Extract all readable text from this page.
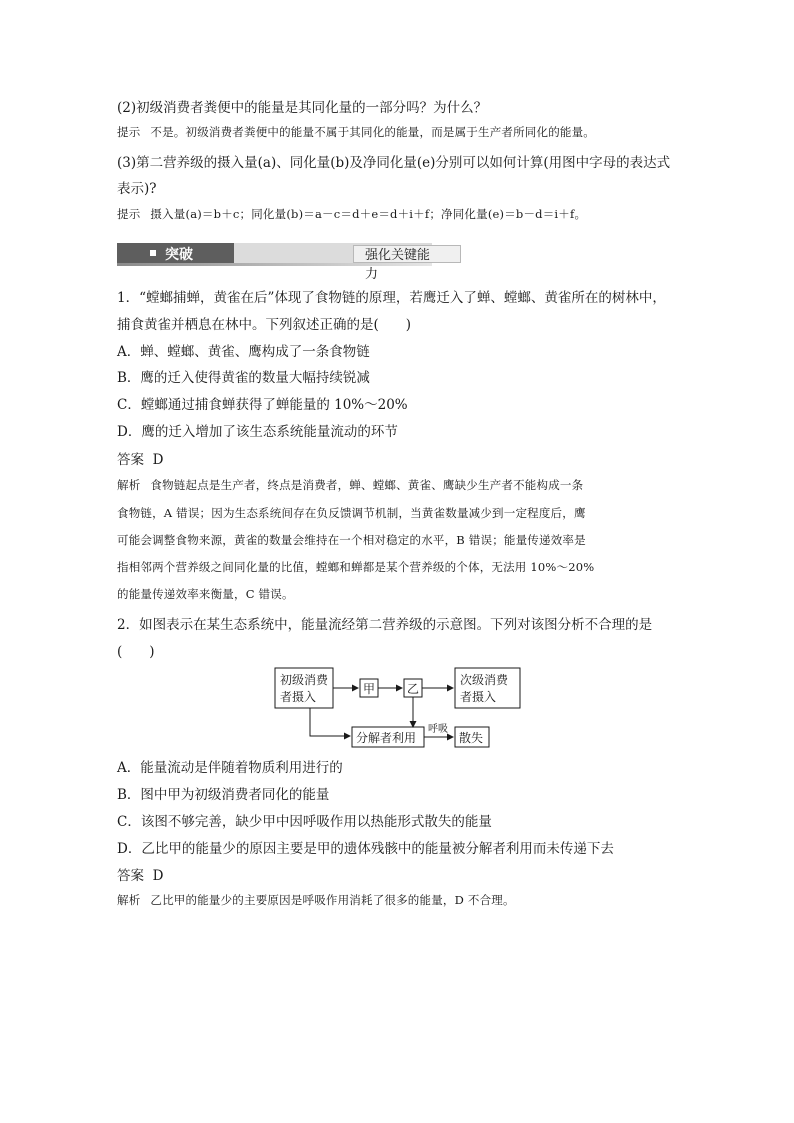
(2)初级消费者粪便中的能量是其同化量的一部分吗？为什么？
提示 不是。初级消费者粪便中的能量不属于其同化的能量，而是属于生产者所同化的能量。
(3)第二营养级的摄入量(a)、同化量(b)及净同化量(e)分别可以如何计算(用图中字母的表达式
表示)?
提示 摄入量(a)＝b＋c；同化量(b)＝a－c＝d＋e＝d＋i＋f；净同化量(e)＝b－d＝i＋f。
突破	强化关键能力
1．“螳螂捕蝉，黄雀在后”体现了食物链的原理，若鹰迁入了蝉、螳螂、黄雀所在的树林中，
捕食黄雀并栖息在林中。下列叙述正确的是(　　)
A．蝉、螳螂、黄雀、鹰构成了一条食物链
B．鹰的迁入使得黄雀的数量大幅持续锐减
C．螳螂通过捕食蝉获得了蝉能量的 10%～20%
D．鹰的迁入增加了该生态系统能量流动的环节
答案 D
解析 食物链起点是生产者，终点是消费者，蝉、螳螂、黄雀、鹰缺少生产者不能构成一条
食物链，A 错误；因为生态系统间存在负反馈调节机制，当黄雀数量减少到一定程度后，鹰
可能会调整食物来源，黄雀的数量会维持在一个相对稳定的水平，B 错误；能量传递效率是
指相邻两个营养级之间同化量的比值，螳螂和蝉都是某个营养级的个体，无法用 10%～20%
的能量传递效率来衡量，C 错误。
2．如图表示在某生态系统中，能量流经第二营养级的示意图。下列对该图分析不合理的是
(　　)
初级消费
者摄入
甲	乙
次级消费
者摄入
分解者利用
呼吸
散失
A．能量流动是伴随着物质利用进行的
B．图中甲为初级消费者同化的能量
C．该图不够完善，缺少甲中因呼吸作用以热能形式散失的能量
D．乙比甲的能量少的原因主要是甲的遗体残骸中的能量被分解者利用而未传递下去
答案 D
解析 乙比甲的能量少的主要原因是呼吸作用消耗了很多的能量，D 不合理。
